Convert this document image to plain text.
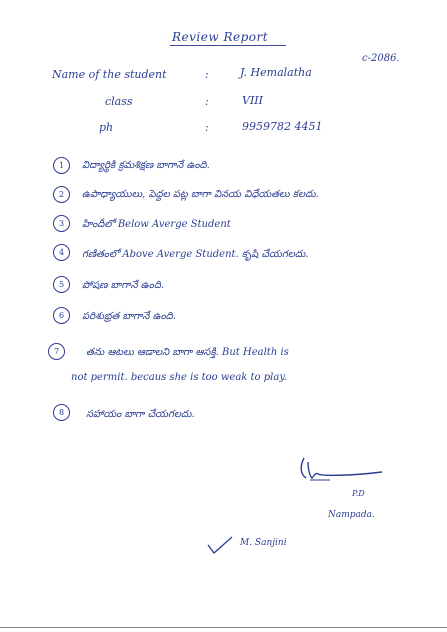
Review Report
c-2086.
Name of the student	:	J. Hemalatha
class	:	VIII
ph	:	9959782 4451
1	విద్యార్థికి క్రమశిక్షణ బాగానే ఉంది.
2	ఉపాధ్యాయులు, పెద్దల పట్ల బాగా వినయ విధేయతలు కలదు.
3	హిందీలో Below Averge Student
4	గణితంలో Above Averge Student. కృషి చేయగలదు.
5	పోషణ బాగానే ఉంది.
6	పరిశుభ్రత బాగానే ఉంది.
7	తను ఆటలు ఆడాలని బాగా ఆసక్తి. But Health is
not permit. becaus she is too weak to play.
8	సహాయం బాగా చేయగలదు.
P.D
Nampada.
M. Sanjini
